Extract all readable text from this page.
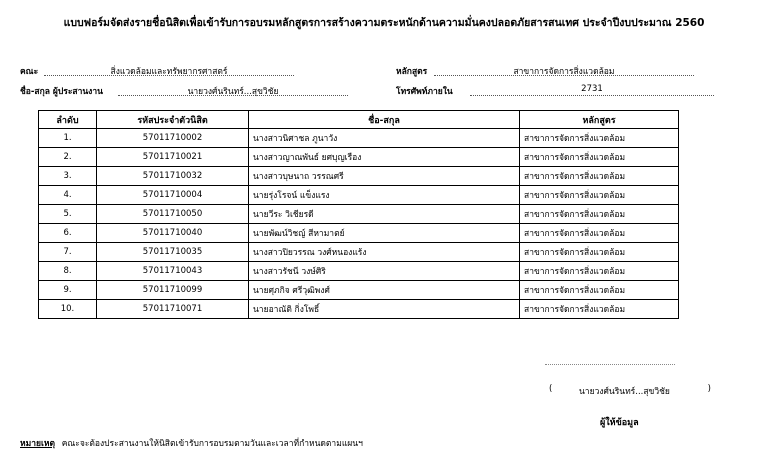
แบบฟอร์มจัดส่งรายชื่อนิสิตเพื่อเข้ารับการอบรมหลักสูตรการสร้างความตระหนักด้านความมั่นคงปลอดภัยสารสนเทศ ประจำปีงบประมาณ 2560
คณะ	สิ่งแวดล้อมและทรัพยากรศาสตร์	หลักสูตร	สาขาการจัดการสิ่งแวดล้อม
ชื่อ-สกุล ผู้ประสานงาน	นายวงศ์นรินทร์...สุขวิชัย	โทรศัพท์ภายใน	2731
ลำดับ	รหัสประจำตัวนิสิต	ชื่อ-สกุล	หลักสูตร
1.	57011710002	นางสาวนิศาชล ภูนาวัง	สาขาการจัดการสิ่งแวดล้อม
2.	57011710021	นางสาวญาณพันธ์ ยศบุญเรือง	สาขาการจัดการสิ่งแวดล้อม
3.	57011710032	นางสาวบุษนาถ วรรณศรี	สาขาการจัดการสิ่งแวดล้อม
4.	57011710004	นายรุ่งโรจน์ แข็งแรง	สาขาการจัดการสิ่งแวดล้อม
5.	57011710050	นายวีระ วิเชียรดี	สาขาการจัดการสิ่งแวดล้อม
6.	57011710040	นายพัฒน์วิชญ์ สีหามาตย์	สาขาการจัดการสิ่งแวดล้อม
7.	57011710035	นางสาวปิยวรรณ วงศ์หนองแร้ง	สาขาการจัดการสิ่งแวดล้อม
8.	57011710043	นางสาวรัชนี วงษ์ศิริ	สาขาการจัดการสิ่งแวดล้อม
9.	57011710099	นายศุภกิจ ศรีวุฒิพงศ์	สาขาการจัดการสิ่งแวดล้อม
10.	57011710071	นายอาณัติ กิ่งโพธิ์	สาขาการจัดการสิ่งแวดล้อม
(	นายวงศ์นรินทร์...สุขวิชัย	)
ผู้ให้ข้อมูล
หมายเหตุ คณะจะต้องประสานงานให้นิสิตเข้ารับการอบรมตามวันและเวลาที่กำหนดตามแผนฯ
